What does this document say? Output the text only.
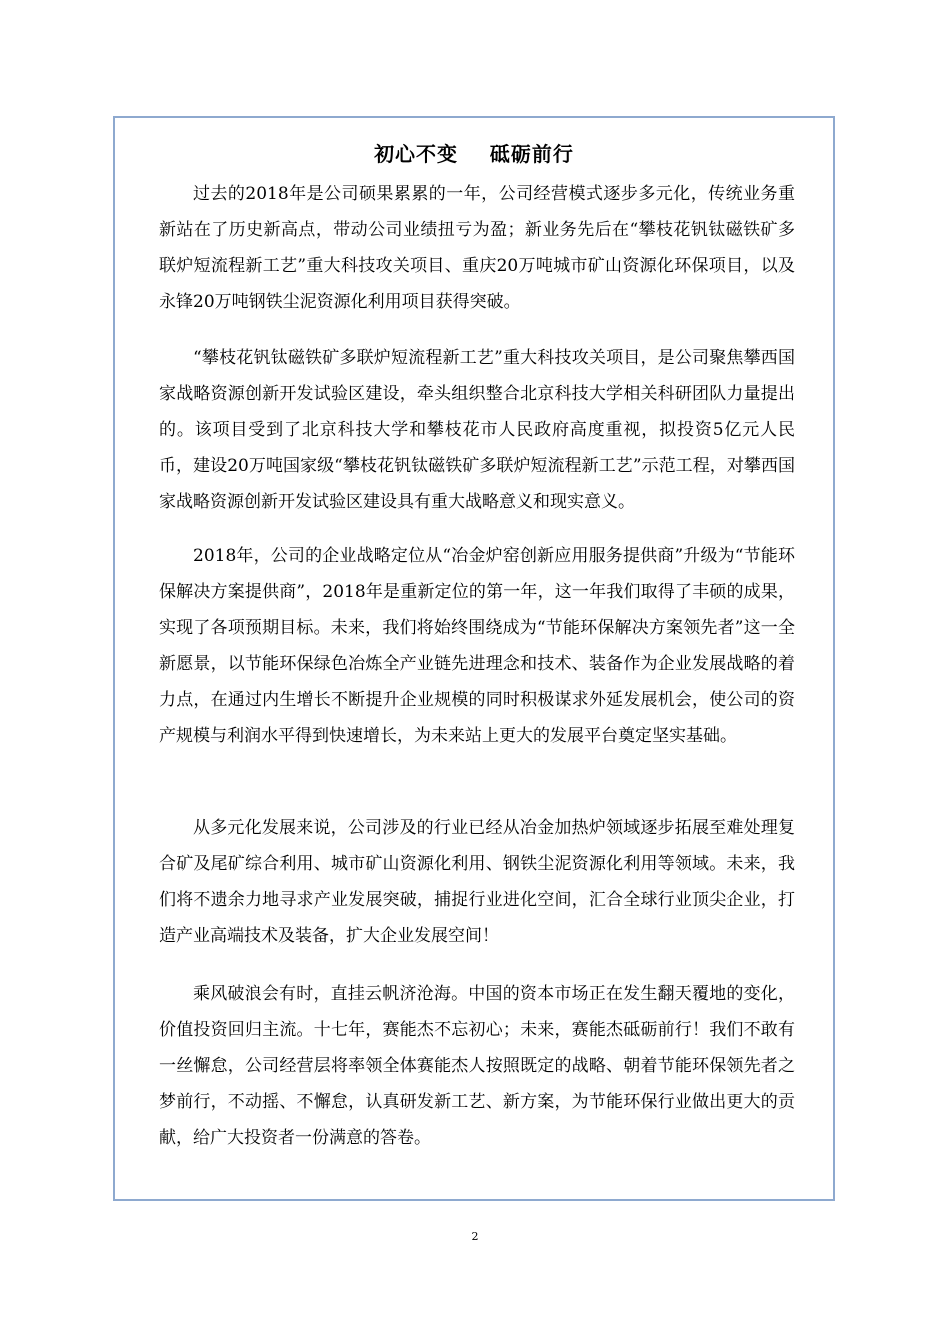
初心不变    砥砺前行

过去的2018年是公司硕果累累的一年，公司经营模式逐步多元化，传统业务重新站在了历史新高点，带动公司业绩扭亏为盈；新业务先后在“攀枝花钒钛磁铁矿多联炉短流程新工艺”重大科技攻关项目、重庆20万吨城市矿山资源化环保项目，以及永锋20万吨钢铁尘泥资源化利用项目获得突破。

“攀枝花钒钛磁铁矿多联炉短流程新工艺”重大科技攻关项目，是公司聚焦攀西国家战略资源创新开发试验区建设，牵头组织整合北京科技大学相关科研团队力量提出的。该项目受到了北京科技大学和攀枝花市人民政府高度重视，拟投资5亿元人民币，建设20万吨国家级“攀枝花钒钛磁铁矿多联炉短流程新工艺”示范工程，对攀西国家战略资源创新开发试验区建设具有重大战略意义和现实意义。

2018年，公司的企业战略定位从“冶金炉窑创新应用服务提供商”升级为“节能环保解决方案提供商”，2018年是重新定位的第一年，这一年我们取得了丰硕的成果，实现了各项预期目标。未来，我们将始终围绕成为“节能环保解决方案领先者”这一全新愿景，以节能环保绿色冶炼全产业链先进理念和技术、装备作为企业发展战略的着力点，在通过内生增长不断提升企业规模的同时积极谋求外延发展机会，使公司的资产规模与利润水平得到快速增长，为未来站上更大的发展平台奠定坚实基础。

从多元化发展来说，公司涉及的行业已经从冶金加热炉领域逐步拓展至难处理复合矿及尾矿综合利用、城市矿山资源化利用、钢铁尘泥资源化利用等领域。未来，我们将不遗余力地寻求产业发展突破，捕捉行业进化空间，汇合全球行业顶尖企业，打造产业高端技术及装备，扩大企业发展空间！

乘风破浪会有时，直挂云帆济沧海。中国的资本市场正在发生翻天覆地的变化，价值投资回归主流。十七年，赛能杰不忘初心；未来，赛能杰砥砺前行！我们不敢有一丝懈怠，公司经营层将率领全体赛能杰人按照既定的战略、朝着节能环保领先者之梦前行，不动摇、不懈怠，认真研发新工艺、新方案，为节能环保行业做出更大的贡献，给广大投资者一份满意的答卷。

2
